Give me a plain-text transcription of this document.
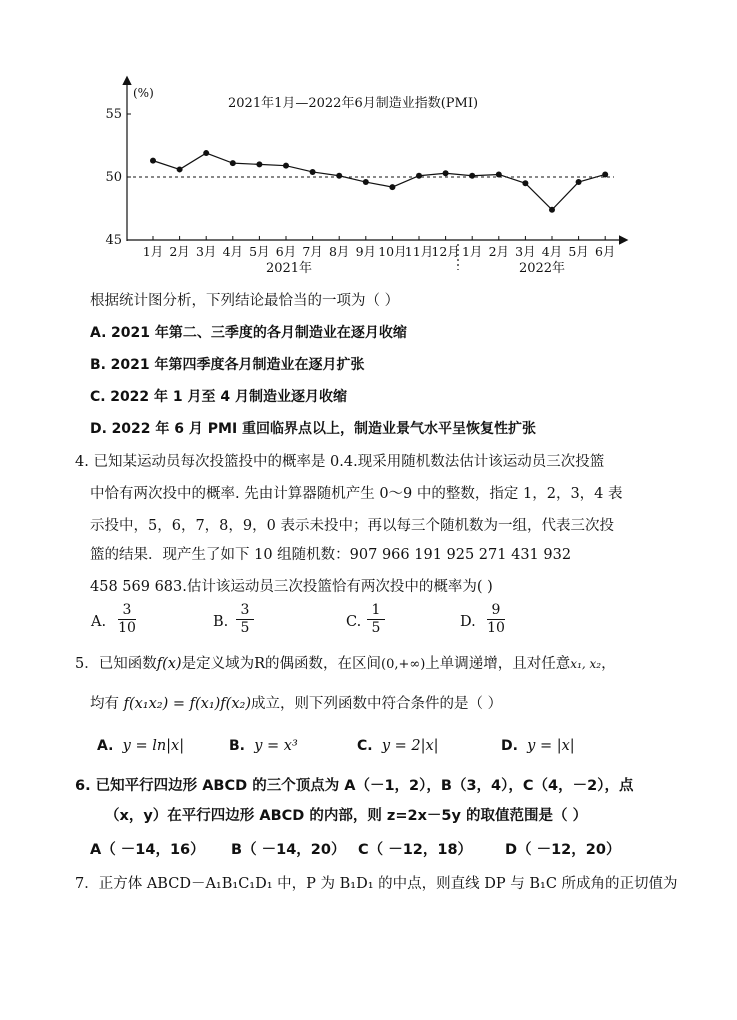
(%)
2021年1月—2022年6月制造业指数(PMI)
45
50
55
1月 2月 3月 4月 5月 6月 7月 8月 9月 10月
11月
12月 1月 2月 3月 4月 5月 6月
2021年	2022年
根据统计图分析，下列结论最恰当的一项为（ ）
A. 2021 年第二、三季度的各月制造业在逐月收缩
B. 2021 年第四季度各月制造业在逐月扩张
C. 2022 年 1 月至 4 月制造业逐月收缩
D. 2022 年 6 月 PMI 重回临界点以上，制造业景气水平呈恢复性扩张
4. 已知某运动员每次投篮投中的概率是 0.4.现采用随机数法估计该运动员三次投篮
中恰有两次投中的概率. 先由计算器随机产生 0～9 中的整数，指定 1，2，3，4 表
示投中，5，6，7，8，9，0 表示未投中；再以每三个随机数为一组，代表三次投
篮的结果．现产生了如下 10 组随机数：907 966 191 925 271 431 932
458 569 683.估计该运动员三次投篮恰有两次投中的概率为( )
A.
3
10	B.
3
5	C.
1
5	D.
9
10
5．已知函数f(x)是定义域为R的偶函数，在区间(0,+∞)上单调递增，且对任意x₁, x₂，
均有 f(x₁x₂) = f(x₁)f(x₂)成立，则下列函数中符合条件的是（ ）
A. y = ln|x|	B. y = x³	C. y = 2|x|	D. y = |x|
6. 已知平行四边形 ABCD 的三个顶点为 A（－1，2），B（3，4），C（4，－2），点
（x，y）在平行四边形 ABCD 的内部，则 z=2x－5y 的取值范围是（ ）
A（ －14，16） B（ －14，20） C（ －12，18） D（ －12，20）
7．正方体 ABCD－A₁B₁C₁D₁ 中，P 为 B₁D₁ 的中点，则直线 DP 与 B₁C 所成角的正切值为
